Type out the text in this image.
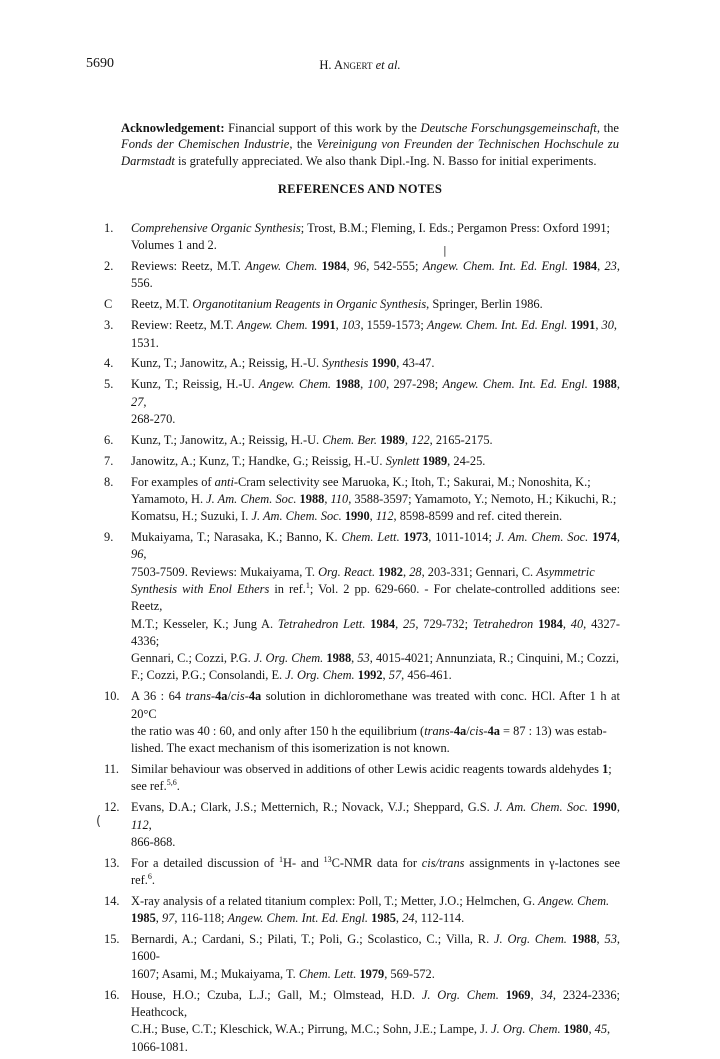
5690	H. Angert et al.
Acknowledgement: Financial support of this work by the Deutsche Forschungsgemeinschaft, the Fonds der Chemischen Industrie, the Vereinigung von Freunden der Technischen Hochschule zu Darmstadt is gratefully appreciated. We also thank Dipl.-Ing. N. Basso for initial experiments.
REFERENCES AND NOTES
1.	Comprehensive Organic Synthesis; Trost, B.M.; Fleming, I. Eds.; Pergamon Press: Oxford 1991;
Volumes 1 and 2.
2.	Reviews: Reetz, M.T. Angew. Chem. 1984, 96, 542-555; Angew. Chem. Int. Ed. Engl. 1984, 23, 556.
C	Reetz, M.T. Organotitanium Reagents in Organic Synthesis, Springer, Berlin 1986.
3.	Review: Reetz, M.T. Angew. Chem. 1991, 103, 1559-1573; Angew. Chem. Int. Ed. Engl. 1991, 30,
1531.
4.	Kunz, T.; Janowitz, A.; Reissig, H.-U. Synthesis 1990, 43-47.
5.	Kunz, T.; Reissig, H.-U. Angew. Chem. 1988, 100, 297-298; Angew. Chem. Int. Ed. Engl. 1988, 27,
268-270.
6.	Kunz, T.; Janowitz, A.; Reissig, H.-U. Chem. Ber. 1989, 122, 2165-2175.
7.	Janowitz, A.; Kunz, T.; Handke, G.; Reissig, H.-U. Synlett 1989, 24-25.
8.	For examples of anti-Cram selectivity see Maruoka, K.; Itoh, T.; Sakurai, M.; Nonoshita, K.;
Yamamoto, H. J. Am. Chem. Soc. 1988, 110, 3588-3597; Yamamoto, Y.; Nemoto, H.; Kikuchi, R.;
Komatsu, H.; Suzuki, I. J. Am. Chem. Soc. 1990, 112, 8598-8599 and ref. cited therein.
9.	Mukaiyama, T.; Narasaka, K.; Banno, K. Chem. Lett. 1973, 1011-1014; J. Am. Chem. Soc. 1974, 96,
7503-7509. Reviews: Mukaiyama, T. Org. React. 1982, 28, 203-331; Gennari, C. Asymmetric
Synthesis with Enol Ethers in ref.$^1$; Vol. 2 pp. 629-660. - For chelate-controlled additions see: Reetz,
M.T.; Kesseler, K.; Jung A. Tetrahedron Lett. 1984, 25, 729-732; Tetrahedron 1984, 40, 4327-4336;
Gennari, C.; Cozzi, P.G. J. Org. Chem. 1988, 53, 4015-4021; Annunziata, R.; Cinquini, M.; Cozzi,
F.; Cozzi, P.G.; Consolandi, E. J. Org. Chem. 1992, 57, 456-461.
10. A 36 : 64 trans-4a/cis-4a solution in dichloromethane was treated with conc. HCl. After 1 h at 20°C
the ratio was 40 : 60, and only after 150 h the equilibrium (trans-4a/cis-4a = 87 : 13) was estab-
lished. The exact mechanism of this isomerization is not known.
11. Similar behaviour was observed in additions of other Lewis acidic reagents towards aldehydes 1;
see ref.$^{5,6}$.
12. Evans, D.A.; Clark, J.S.; Metternich, R.; Novack, V.J.; Sheppard, G.S. J. Am. Chem. Soc. 1990, 112,
866-868.
13. For a detailed discussion of $^1$H- and $^{13}$C-NMR data for cis/trans assignments in γ-lactones see ref.$^6$.
14. X-ray analysis of a related titanium complex: Poll, T.; Metter, J.O.; Helmchen, G. Angew. Chem.
1985, 97, 116-118; Angew. Chem. Int. Ed. Engl. 1985, 24, 112-114.
15. Bernardi, A.; Cardani, S.; Pilati, T.; Poli, G.; Scolastico, C.; Villa, R. J. Org. Chem. 1988, 53, 1600-
1607; Asami, M.; Mukaiyama, T. Chem. Lett. 1979, 569-572.
16. House, H.O.; Czuba, L.J.; Gall, M.; Olmstead, H.D. J. Org. Chem. 1969, 34, 2324-2336; Heathcock,
C.H.; Buse, C.T.; Kleschick, W.A.; Pirrung, M.C.; Sohn, J.E.; Lampe, J. J. Org. Chem. 1980, 45,
1066-1081.
|
(
